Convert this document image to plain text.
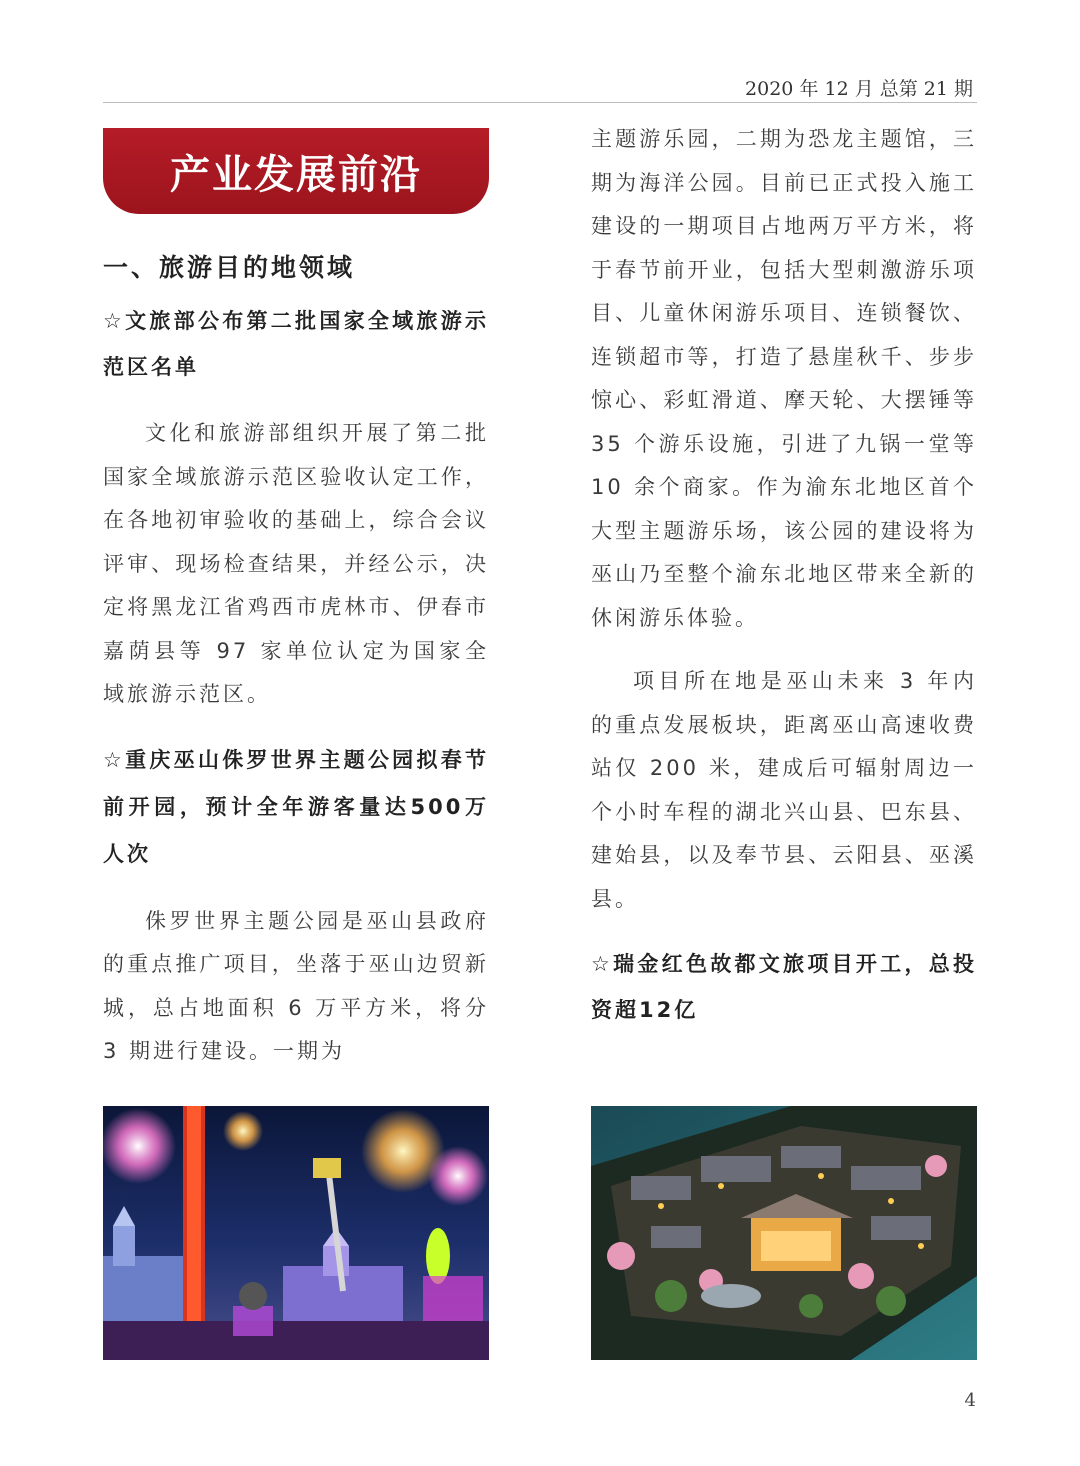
2020 年 12 月 总第 21 期
产业发展前沿
一、旅游目的地领域
☆文旅部公布第二批国家全域旅游示范区名单
文化和旅游部组织开展了第二批国家全域旅游示范区验收认定工作，在各地初审验收的基础上，综合会议评审、现场检查结果，并经公示，决定将黑龙江省鸡西市虎林市、伊春市嘉荫县等 97 家单位认定为国家全域旅游示范区。
☆重庆巫山侏罗世界主题公园拟春节前开园，预计全年游客量达500万人次
侏罗世界主题公园是巫山县政府的重点推广项目，坐落于巫山边贸新城，总占地面积 6 万平方米，将分 3 期进行建设。一期为
主题游乐园，二期为恐龙主题馆，三期为海洋公园。目前已正式投入施工建设的一期项目占地两万平方米，将于春节前开业，包括大型刺激游乐项目、儿童休闲游乐项目、连锁餐饮、连锁超市等，打造了悬崖秋千、步步惊心、彩虹滑道、摩天轮、大摆锤等 35 个游乐设施，引进了九锅一堂等 10 余个商家。作为渝东北地区首个大型主题游乐场，该公园的建设将为巫山乃至整个渝东北地区带来全新的休闲游乐体验。
项目所在地是巫山未来 3 年内的重点发展板块，距离巫山高速收费站仅 200 米，建成后可辐射周边一个小时车程的湖北兴山县、巴东县、建始县，以及奉节县、云阳县、巫溪县。
☆瑞金红色故都文旅项目开工，总投资超12亿
4
